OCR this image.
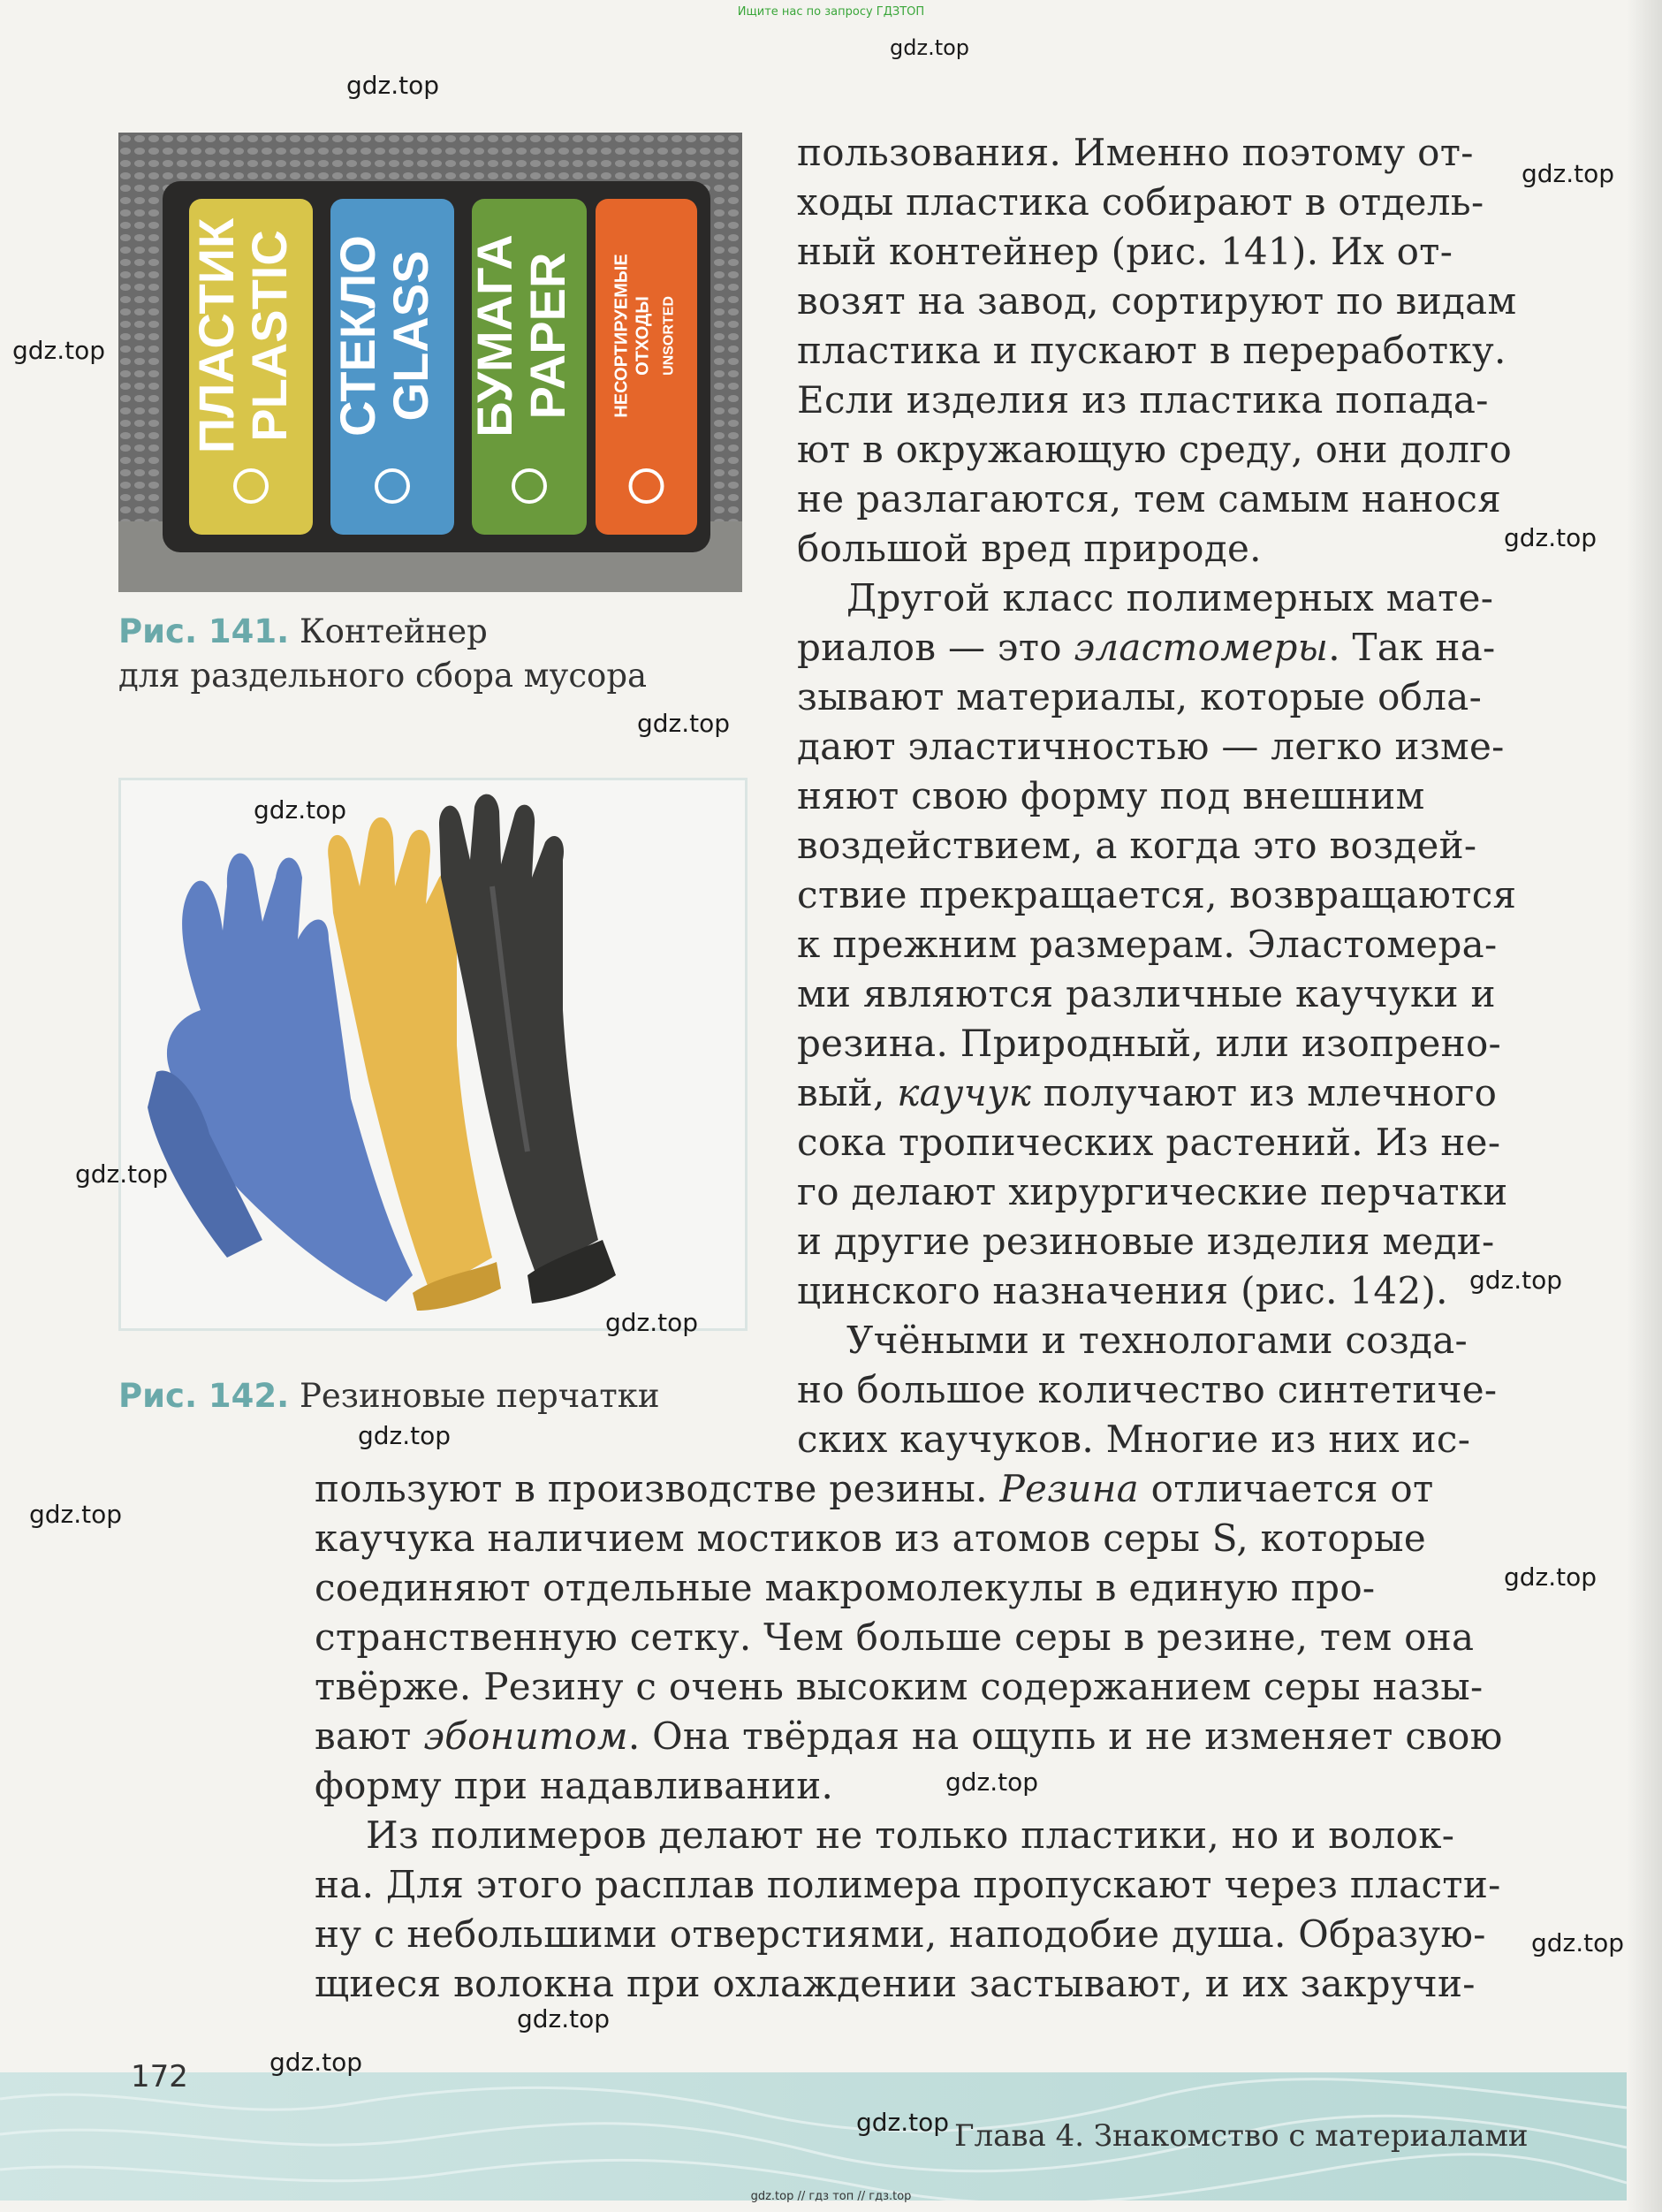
Ищите нас по запросу ГДЗТОП
ПЛАСТИК
PLASTIC СТЕКЛО
GLASS БУМАГА
PAPER НЕСОРТИРУЕМЫЕ ОТХОДЫ UNSORTED
Рис. 141. Контейнер
для раздельного сбора мусора
Рис. 142. Резиновые перчатки
пользования. Именно поэтому от-
ходы пластика собирают в отдель-
ный контейнер (рис. 141). Их от-
возят на завод, сортируют по видам
пластика и пускают в переработку.
Если изделия из пластика попада-
ют в окружающую среду, они долго
не разлагаются, тем самым нанося
большой вред природе.
Другой класс полимерных мате-
риалов — это эластомеры. Так на-
зывают материалы, которые обла-
дают эластичностью — легко изме-
няют свою форму под внешним
воздействием, а когда это воздей-
ствие прекращается, возвращаются
к прежним размерам. Эластомера-
ми являются различные каучуки и
резина. Природный, или изопрено-
вый, каучук получают из млечного
сока тропических растений. Из не-
го делают хирургические перчатки
и другие резиновые изделия меди-
цинского назначения (рис. 142).
Учёными и технологами созда-
но большое количество синтетиче-
ских каучуков. Многие из них ис-
пользуют в производстве резины. Резина отличается от
каучука наличием мостиков из атомов серы S, которые
соединяют отдельные макромолекулы в единую про-
странственную сетку. Чем больше серы в резине, тем она
твёрже. Резину с очень высоким содержанием серы назы-
вают эбонитом. Она твёрдая на ощупь и не изменяет свою
форму при надавливании.
Из полимеров делают не только пластики, но и волок-
на. Для этого расплав полимера пропускают через пласти-
ну с небольшими отверстиями, наподобие душа. Образую-
щиеся волокна при охлаждении застывают, и их закручи-
172
Глава 4. Знакомство с материалами
gdz.top
gdz.top
gdz.top
gdz.top
gdz.top
gdz.top
gdz.top
gdz.top
gdz.top
gdz.top
gdz.top
gdz.top
gdz.top
gdz.top
gdz.top
gdz.top
gdz.top
gdz.top
gdz.top // гдз топ // гдз.top
